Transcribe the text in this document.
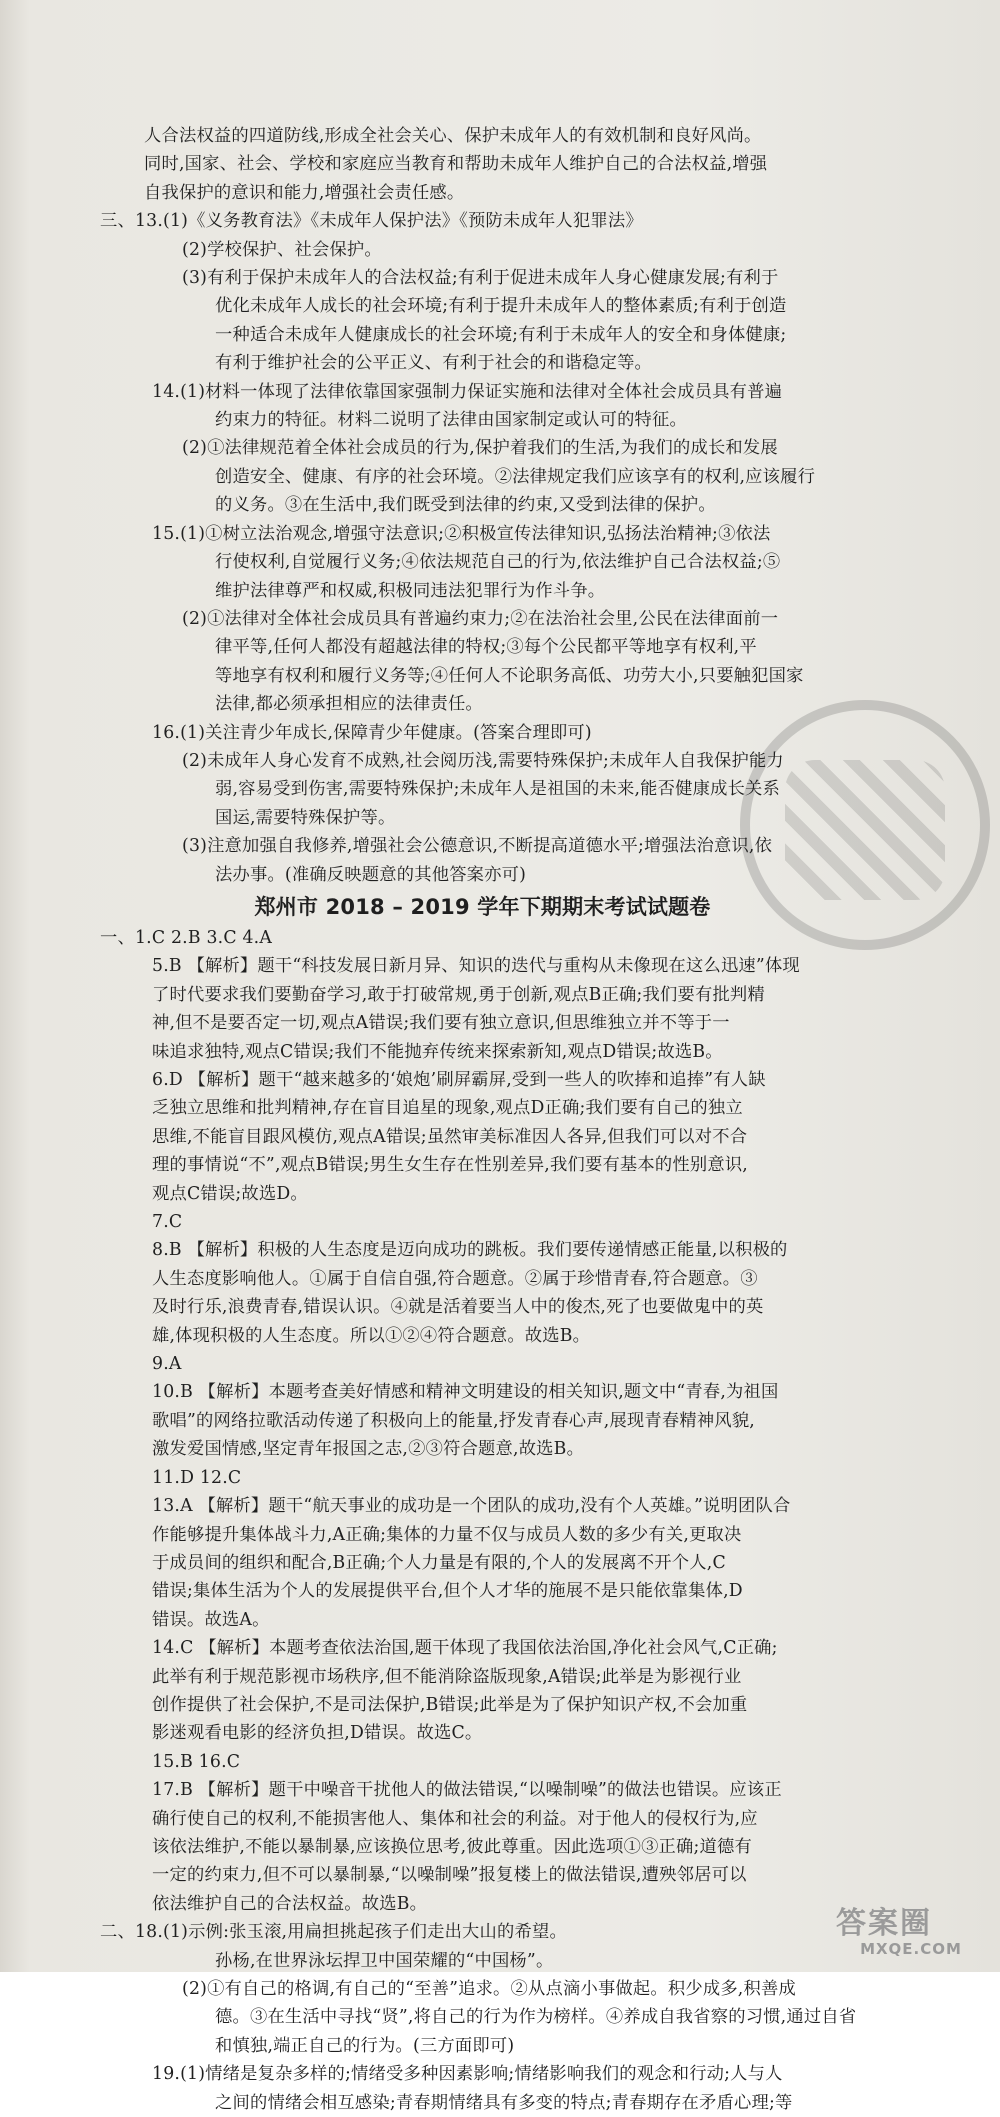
人合法权益的四道防线,形成全社会关心、保护未成年人的有效机制和良好风尚。
同时,国家、社会、学校和家庭应当教育和帮助未成年人维护自己的合法权益,增强
自我保护的意识和能力,增强社会责任感。
三、13.(1)《义务教育法》《未成年人保护法》《预防未成年人犯罪法》
(2)学校保护、社会保护。
(3)有利于保护未成年人的合法权益;有利于促进未成年人身心健康发展;有利于
优化未成年人成长的社会环境;有利于提升未成年人的整体素质;有利于创造
一种适合未成年人健康成长的社会环境;有利于未成年人的安全和身体健康;
有利于维护社会的公平正义、有利于社会的和谐稳定等。
14.(1)材料一体现了法律依靠国家强制力保证实施和法律对全体社会成员具有普遍
约束力的特征。材料二说明了法律由国家制定或认可的特征。
(2)①法律规范着全体社会成员的行为,保护着我们的生活,为我们的成长和发展
创造安全、健康、有序的社会环境。②法律规定我们应该享有的权利,应该履行
的义务。③在生活中,我们既受到法律的约束,又受到法律的保护。
15.(1)①树立法治观念,增强守法意识;②积极宣传法律知识,弘扬法治精神;③依法
行使权利,自觉履行义务;④依法规范自己的行为,依法维护自己合法权益;⑤
维护法律尊严和权威,积极同违法犯罪行为作斗争。
(2)①法律对全体社会成员具有普遍约束力;②在法治社会里,公民在法律面前一
律平等,任何人都没有超越法律的特权;③每个公民都平等地享有权利,平
等地享有权利和履行义务等;④任何人不论职务高低、功劳大小,只要触犯国家
法律,都必须承担相应的法律责任。
16.(1)关注青少年成长,保障青少年健康。(答案合理即可)
(2)未成年人身心发育不成熟,社会阅历浅,需要特殊保护;未成年人自我保护能力
弱,容易受到伤害,需要特殊保护;未成年人是祖国的未来,能否健康成长关系
国运,需要特殊保护等。
(3)注意加强自我修养,增强社会公德意识,不断提高道德水平;增强法治意识,依
法办事。(准确反映题意的其他答案亦可)
郑州市 2018 – 2019 学年下期期末考试试题卷
一、1.C 2.B 3.C 4.A
5.B 【解析】题干“科技发展日新月异、知识的迭代与重构从未像现在这么迅速”体现
了时代要求我们要勤奋学习,敢于打破常规,勇于创新,观点B正确;我们要有批判精
神,但不是要否定一切,观点A错误;我们要有独立意识,但思维独立并不等于一
味追求独特,观点C错误;我们不能抛弃传统来探索新知,观点D错误;故选B。
6.D 【解析】题干“越来越多的‘娘炮’刷屏霸屏,受到一些人的吹捧和追捧”有人缺
乏独立思维和批判精神,存在盲目追星的现象,观点D正确;我们要有自己的独立
思维,不能盲目跟风模仿,观点A错误;虽然审美标准因人各异,但我们可以对不合
理的事情说“不”,观点B错误;男生女生存在性别差异,我们要有基本的性别意识,
观点C错误;故选D。
7.C
8.B 【解析】积极的人生态度是迈向成功的跳板。我们要传递情感正能量,以积极的
人生态度影响他人。①属于自信自强,符合题意。②属于珍惜青春,符合题意。③
及时行乐,浪费青春,错误认识。④就是活着要当人中的俊杰,死了也要做鬼中的英
雄,体现积极的人生态度。所以①②④符合题意。故选B。
9.A
10.B 【解析】本题考查美好情感和精神文明建设的相关知识,题文中“青春,为祖国
歌唱”的网络拉歌活动传递了积极向上的能量,抒发青春心声,展现青春精神风貌,
激发爱国情感,坚定青年报国之志,②③符合题意,故选B。
11.D 12.C
13.A 【解析】题干“航天事业的成功是一个团队的成功,没有个人英雄。”说明团队合
作能够提升集体战斗力,A正确;集体的力量不仅与成员人数的多少有关,更取决
于成员间的组织和配合,B正确;个人力量是有限的,个人的发展离不开个人,C
错误;集体生活为个人的发展提供平台,但个人才华的施展不是只能依靠集体,D
错误。故选A。
14.C 【解析】本题考查依法治国,题干体现了我国依法治国,净化社会风气,C正确;
此举有利于规范影视市场秩序,但不能消除盗版现象,A错误;此举是为影视行业
创作提供了社会保护,不是司法保护,B错误;此举是为了保护知识产权,不会加重
影迷观看电影的经济负担,D错误。故选C。
15.B 16.C
17.B 【解析】题干中噪音干扰他人的做法错误,“以噪制噪”的做法也错误。应该正
确行使自己的权利,不能损害他人、集体和社会的利益。对于他人的侵权行为,应
该依法维护,不能以暴制暴,应该换位思考,彼此尊重。因此选项①③正确;道德有
一定的约束力,但不可以暴制暴,“以噪制噪”报复楼上的做法错误,遭殃邻居可以
依法维护自己的合法权益。故选B。
二、18.(1)示例:张玉滚,用扁担挑起孩子们走出大山的希望。
孙杨,在世界泳坛捍卫中国荣耀的“中国杨”。
(2)①有自己的格调,有自己的“至善”追求。②从点滴小事做起。积少成多,积善成
德。③在生活中寻找“贤”,将自己的行为作为榜样。④养成自我省察的习惯,通过自省
和慎独,端正自己的行为。(三方面即可)
19.(1)情绪是复杂多样的;情绪受多种因素影响;情绪影响我们的观念和行动;人与人
之间的情绪会相互感染;青春期情绪具有多变的特点;青春期存在矛盾心理;等
答案圈
MXQE.COM
